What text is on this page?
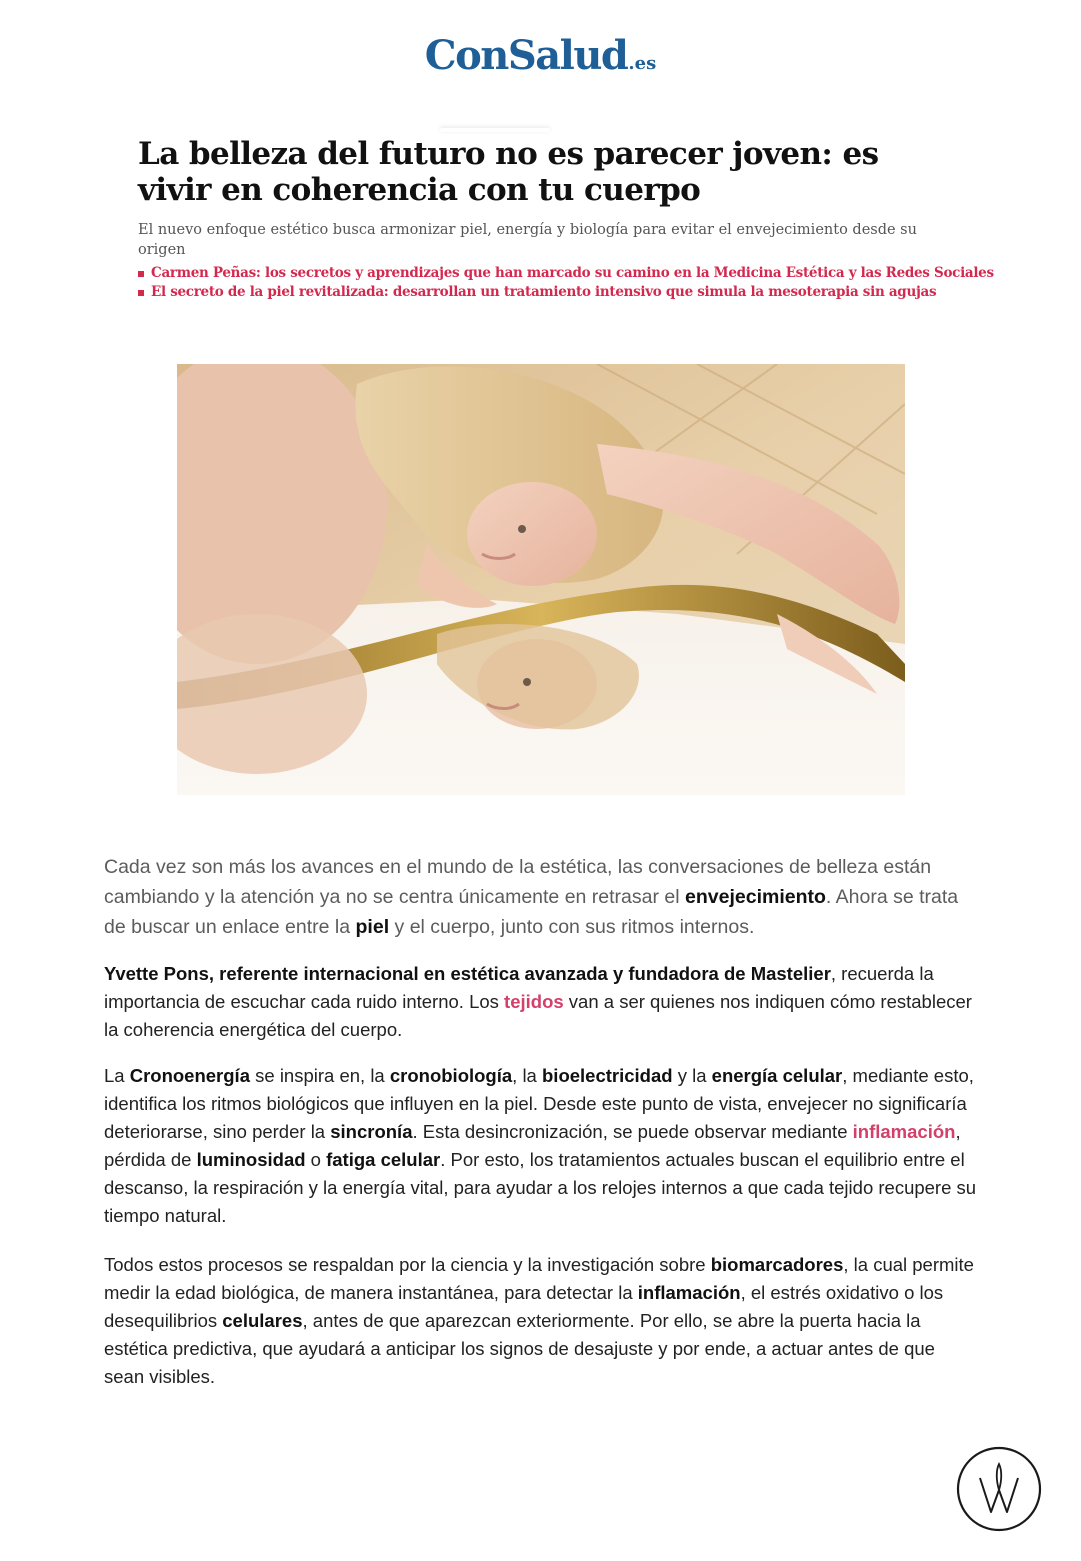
ConSalud.es
La belleza del futuro no es parecer joven: es vivir en coherencia con tu cuerpo

El nuevo enfoque estético busca armonizar piel, energía y biología para evitar el envejecimiento desde su origen

Carmen Peñas: los secretos y aprendizajes que han marcado su camino en la Medicina Estética y las Redes Sociales
El secreto de la piel revitalizada: desarrollan un tratamiento intensivo que simula la mesoterapia sin agujas
Cada vez son más los avances en el mundo de la estética, las conversaciones de belleza están cambiando y la atención ya no se centra únicamente en retrasar el envejecimiento. Ahora se trata de buscar un enlace entre la piel y el cuerpo, junto con sus ritmos internos.
Yvette Pons, referente internacional en estética avanzada y fundadora de Mastelier, recuerda la importancia de escuchar cada ruido interno. Los tejidos van a ser quienes nos indiquen cómo restablecer la coherencia energética del cuerpo.
La Cronoenergía se inspira en, la cronobiología, la bioelectricidad y la energía celular, mediante esto, identifica los ritmos biológicos que influyen en la piel. Desde este punto de vista, envejecer no significaría deteriorarse, sino perder la sincronía. Esta desincronización, se puede observar mediante inflamación, pérdida de luminosidad o fatiga celular. Por esto, los tratamientos actuales buscan el equilibrio entre el descanso, la respiración y la energía vital, para ayudar a los relojes internos a que cada tejido recupere su tiempo natural.
Todos estos procesos se respaldan por la ciencia y la investigación sobre biomarcadores, la cual permite medir la edad biológica, de manera instantánea, para detectar la inflamación, el estrés oxidativo o los desequilibrios celulares, antes de que aparezcan exteriormente. Por ello, se abre la puerta hacia la estética predictiva, que ayudará a anticipar los signos de desajuste y por ende, a actuar antes de que sean visibles.
